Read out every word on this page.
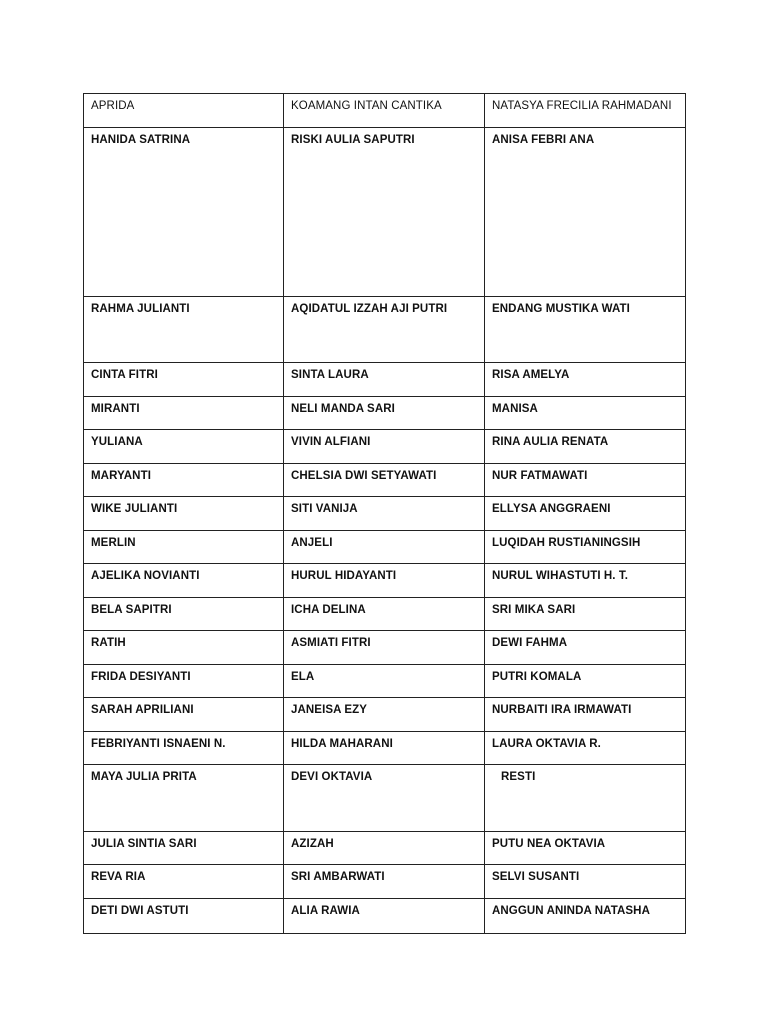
APRIDA	KOAMANG INTAN CANTIKA	NATASYA FRECILIA RAHMADANI
HANIDA SATRINA	RISKI AULIA SAPUTRI	ANISA FEBRI ANA
RAHMA JULIANTI	AQIDATUL IZZAH AJI PUTRI	ENDANG MUSTIKA WATI
CINTA FITRI	SINTA LAURA	RISA AMELYA
MIRANTI	NELI MANDA SARI	MANISA
YULIANA	VIVIN ALFIANI	RINA AULIA RENATA
MARYANTI	CHELSIA DWI SETYAWATI	NUR FATMAWATI
WIKE JULIANTI	SITI VANIJA	ELLYSA ANGGRAENI
MERLIN	ANJELI	LUQIDAH RUSTIANINGSIH
AJELIKA NOVIANTI	HURUL HIDAYANTI	NURUL WIHASTUTI H. T.
BELA SAPITRI	ICHA DELINA	SRI MIKA SARI
RATIH	ASMIATI FITRI	DEWI FAHMA
FRIDA DESIYANTI	ELA	PUTRI KOMALA
SARAH APRILIANI	JANEISA EZY	NURBAITI IRA IRMAWATI
FEBRIYANTI ISNAENI N.	HILDA MAHARANI	LAURA OKTAVIA R.
MAYA JULIA PRITA	DEVI OKTAVIA	RESTI
JULIA SINTIA SARI	AZIZAH	PUTU NEA OKTAVIA
REVA RIA	SRI AMBARWATI	SELVI SUSANTI
DETI DWI ASTUTI	ALIA RAWIA	ANGGUN ANINDA NATASHA
